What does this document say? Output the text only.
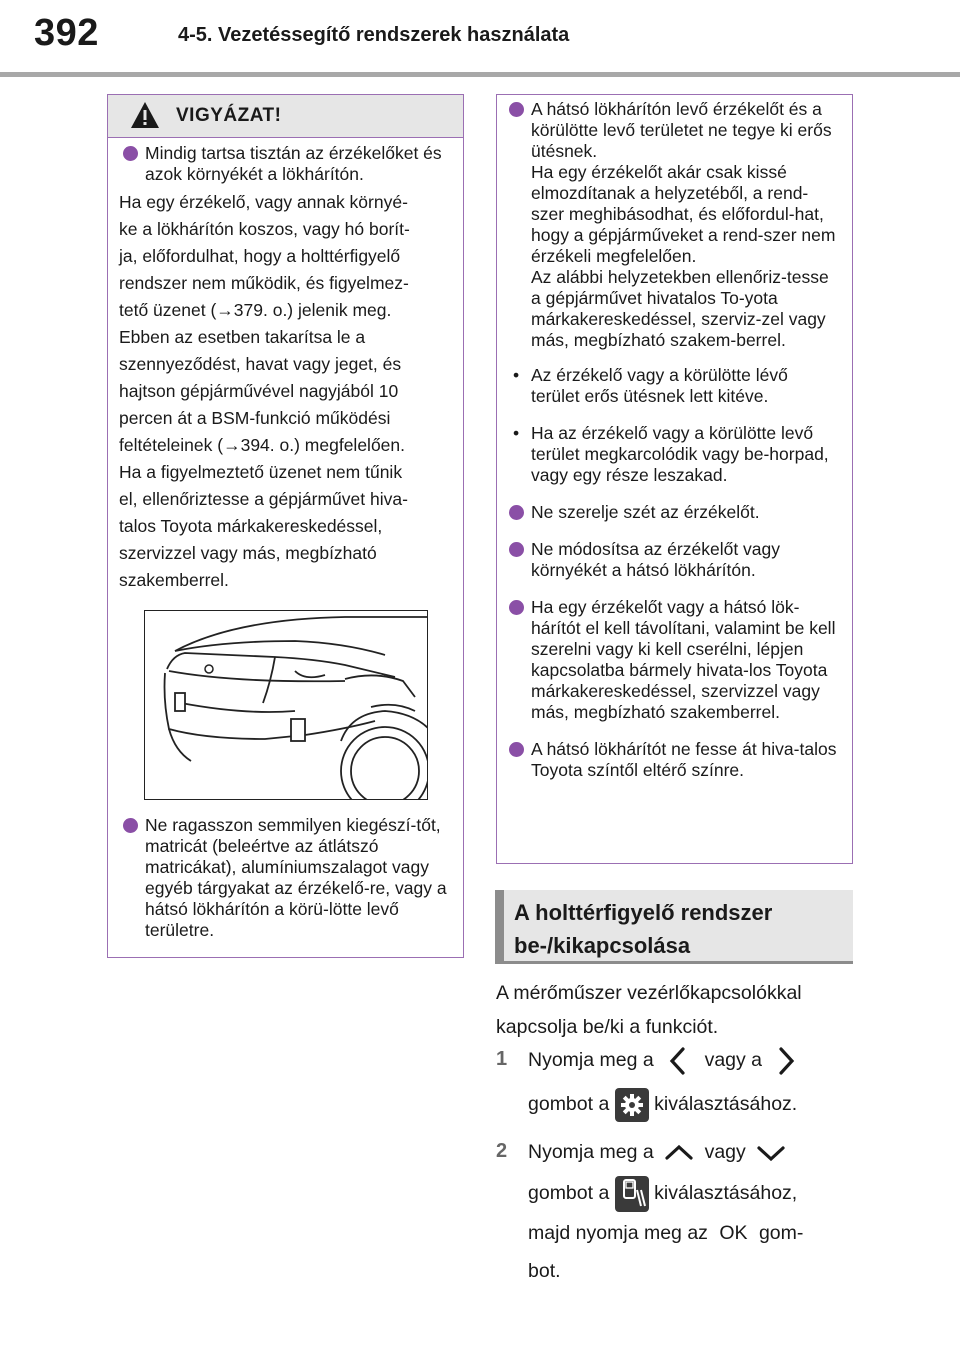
392	4-5. Vezetéssegítő rendszerek használata
VIGYÁZAT!
Mindig tartsa tisztán az érzékelőket és azok környékét a lökhárítón.
Ha egy érzékelő, vagy annak környé-
ke a lökhárítón koszos, vagy hó borít-
ja, előfordulhat, hogy a holttérfigyelő
rendszer nem működik, és figyelmez-
tető üzenet (→379. o.) jelenik meg.
Ebben az esetben takarítsa le a
szennyeződést, havat vagy jeget, és
hajtson gépjárművével nagyjából 10
percen át a BSM-funkció működési
feltételeinek (→394. o.) megfelelően.
Ha a figyelmeztető üzenet nem tűnik
el, ellenőriztesse a gépjárművet hiva-
talos Toyota márkakereskedéssel,
szervizzel vagy más, megbízható
szakemberrel.
Ne ragasszon semmilyen kiegészí-tőt, matricát (beleértve az átlátszó matricákat), alumíniumszalagot vagy egyéb tárgyakat az érzékelő-re, vagy a hátsó lökhárítón a körü-lötte levő területre.
A hátsó lökhárítón levő érzékelőt és a körülötte levő területet ne tegye ki erős ütésnek.
Ha egy érzékelőt akár csak kissé elmozdítanak a helyzetéből, a rend-szer meghibásodhat, és előfordul-hat, hogy a gépjárműveket a rend-szer nem érzékeli megfelelően.
Az alábbi helyzetekben ellenőriz-tesse a gépjárművet hivatalos To-yota márkakereskedéssel, szerviz-zel vagy más, megbízható szakem-berrel.
• Az érzékelő vagy a körülötte lévő terület erős ütésnek lett kitéve.
• Ha az érzékelő vagy a körülötte levő terület megkarcolódik vagy be-horpad, vagy egy része leszakad.
Ne szerelje szét az érzékelőt.
Ne módosítsa az érzékelőt vagy környékét a hátsó lökhárítón.
Ha egy érzékelőt vagy a hátsó lök-hárítót el kell távolítani, valamint be kell szerelni vagy ki kell cserélni, lépjen kapcsolatba bármely hivata-los Toyota márkakereskedéssel, szervizzel vagy más, megbízható szakemberrel.
A hátsó lökhárítót ne fesse át hiva-talos Toyota színtől eltérő színre.
A holttérfigyelő rendszer
be-/kikapcsolása
A mérőműszer vezérlőkapcsolókkal
kapcsolja be/ki a funkciót.
1 Nyomja meg a	vagy a
gombot a kiválasztásához.
2 Nyomja meg a	vagy
gombot a kiválasztásához,
majd nyomja meg az OK gom-
bot.
